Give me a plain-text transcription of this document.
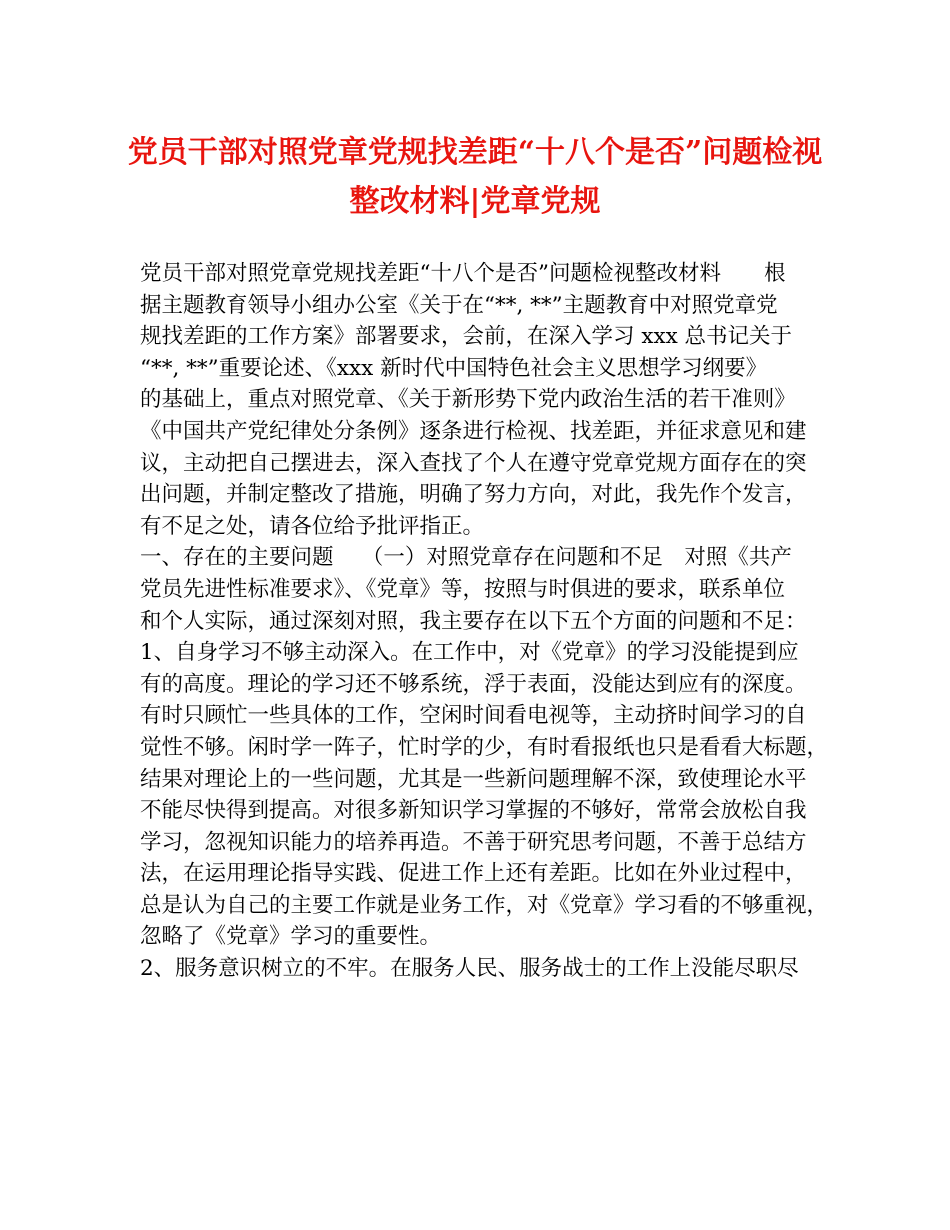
党员干部对照党章党规找差距“十八个是否”问题检视
整改材料|党章党规
党员干部对照党章党规找差距“十八个是否”问题检视整改材料　　根
据主题教育领导小组办公室《关于在“**, **”主题教育中对照党章党
规找差距的工作方案》部署要求，会前，在深入学习 xxx 总书记关于
“**, **”重要论述、《xxx 新时代中国特色社会主义思想学习纲要》
的基础上，重点对照党章、《关于新形势下党内政治生活的若干准则》
《中国共产党纪律处分条例》逐条进行检视、找差距，并征求意见和建
议，主动把自己摆进去，深入查找了个人在遵守党章党规方面存在的突
出问题，并制定整改了措施，明确了努力方向，对此，我先作个发言，
有不足之处，请各位给予批评指正。
一、存在的主要问题　 （一）对照党章存在问题和不足　对照《共产
党员先进性标准要求》、《党章》等，按照与时俱进的要求，联系单位
和个人实际，通过深刻对照，我主要存在以下五个方面的问题和不足：
1、自身学习不够主动深入。在工作中，对《党章》的学习没能提到应
有的高度。理论的学习还不够系统，浮于表面，没能达到应有的深度。
有时只顾忙一些具体的工作，空闲时间看电视等，主动挤时间学习的自
觉性不够。闲时学一阵子，忙时学的少，有时看报纸也只是看看大标题，
结果对理论上的一些问题，尤其是一些新问题理解不深，致使理论水平
不能尽快得到提高。对很多新知识学习掌握的不够好，常常会放松自我
学习，忽视知识能力的培养再造。不善于研究思考问题，不善于总结方
法，在运用理论指导实践、促进工作上还有差距。比如在外业过程中，
总是认为自己的主要工作就是业务工作，对《党章》学习看的不够重视，
忽略了《党章》学习的重要性。
2、服务意识树立的不牢。在服务人民、服务战士的工作上没能尽职尽
